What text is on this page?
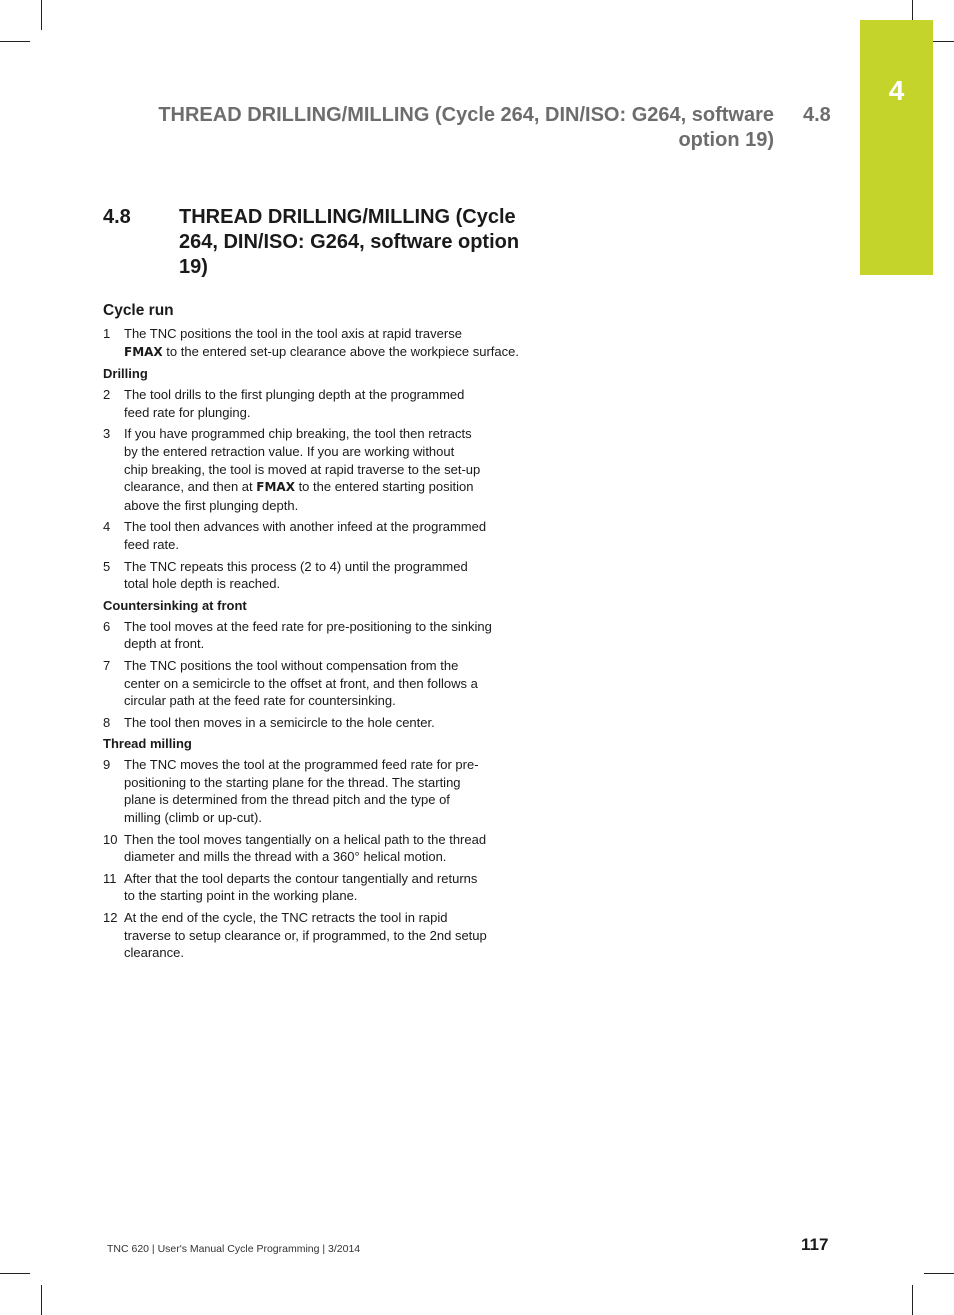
4
THREAD DRILLING/MILLING (Cycle 264, DIN/ISO: G264, software
option 19)
4.8
4.8 THREAD DRILLING/MILLING (Cycle 264, DIN/ISO: G264, software option 19)
Cycle run
1	The TNC positions the tool in the tool axis at rapid traverse
FMAX to the entered set-up clearance above the workpiece surface.
Drilling
2	The tool drills to the first plunging depth at the programmed
feed rate for plunging.
3	If you have programmed chip breaking, the tool then retracts
by the entered retraction value. If you are working without
chip breaking, the tool is moved at rapid traverse to the set-up
clearance, and then at FMAX to the entered starting position
above the first plunging depth.
4	The tool then advances with another infeed at the programmed
feed rate.
5	The TNC repeats this process (2 to 4) until the programmed
total hole depth is reached.
Countersinking at front
6	The tool moves at the feed rate for pre-positioning to the sinking
depth at front.
7	The TNC positions the tool without compensation from the
center on a semicircle to the offset at front, and then follows a
circular path at the feed rate for countersinking.
8	The tool then moves in a semicircle to the hole center.
Thread milling
9	The TNC moves the tool at the programmed feed rate for pre-
positioning to the starting plane for the thread. The starting
plane is determined from the thread pitch and the type of
milling (climb or up-cut).
10 Then the tool moves tangentially on a helical path to the thread
diameter and mills the thread with a 360° helical motion.
11 After that the tool departs the contour tangentially and returns
to the starting point in the working plane.
12 At the end of the cycle, the TNC retracts the tool in rapid
traverse to setup clearance or, if programmed, to the 2nd setup
clearance.
TNC 620 | User's Manual Cycle Programming | 3/2014	117
